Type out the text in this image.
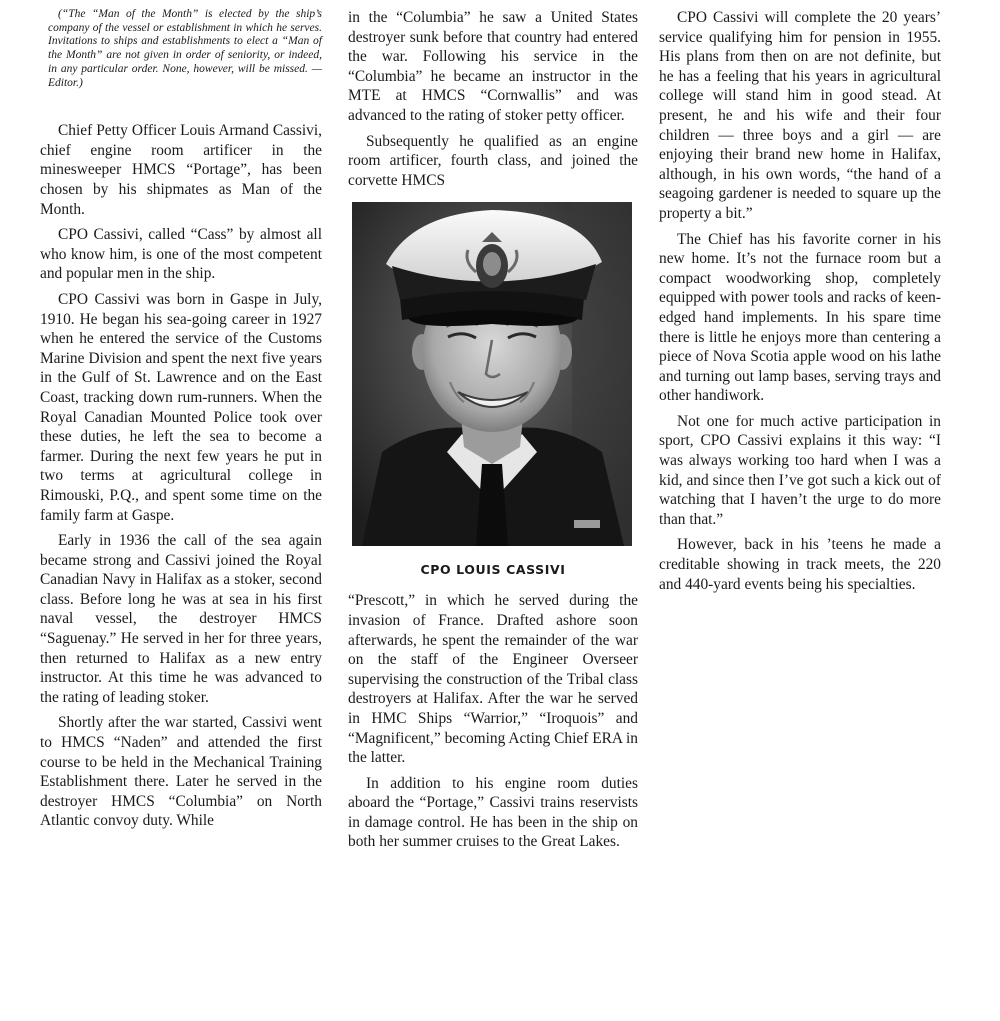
(“The “Man of the Month” is elected by the ship’s company of the vessel or establishment in which he serves. Invitations to ships and establishments to elect a “Man of the Month” are not given in order of seniority, or indeed, in any particular order. None, however, will be missed. — Editor.)

Chief Petty Officer Louis Armand Cassivi, chief engine room artificer in the minesweeper HMCS “Portage”, has been chosen by his shipmates as Man of the Month.

CPO Cassivi, called “Cass” by almost all who know him, is one of the most competent and popular men in the ship.

CPO Cassivi was born in Gaspe in July, 1910. He began his sea-going career in 1927 when he entered the service of the Customs Marine Division and spent the next five years in the Gulf of St. Lawrence and on the East Coast, tracking down rum-runners. When the Royal Canadian Mounted Police took over these duties, he left the sea to become a farmer. During the next few years he put in two terms at agricultural college in Rimouski, P.Q., and spent some time on the family farm at Gaspe.

Early in 1936 the call of the sea again became strong and Cassivi joined the Royal Canadian Navy in Halifax as a stoker, second class. Before long he was at sea in his first naval vessel, the destroyer HMCS “Saguenay.” He served in her for three years, then returned to Halifax as a new entry instructor. At this time he was advanced to the rating of leading stoker.

Shortly after the war started, Cassivi went to HMCS “Naden” and attended the first course to be held in the Mechanical Training Establishment there. Later he served in the destroyer HMCS “Columbia” on North Atlantic convoy duty. While

in the “Columbia” he saw a United States destroyer sunk before that country had entered the war. Following his service in the “Columbia” he became an instructor in the MTE at HMCS “Cornwallis” and was advanced to the rating of stoker petty officer.

Subsequently he qualified as an engine room artificer, fourth class, and joined the corvette HMCS

CPO LOUIS CASSIVI

“Prescott,” in which he served during the invasion of France. Drafted ashore soon afterwards, he spent the remainder of the war on the staff of the Engineer Overseer supervising the construction of the Tribal class destroyers at Halifax. After the war he served in HMC Ships “Warrior,” “Iroquois” and “Magnificent,” becoming Acting Chief ERA in the latter.

In addition to his engine room duties aboard the “Portage,” Cassivi trains reservists in damage control. He has been in the ship on both her summer cruises to the Great Lakes.

CPO Cassivi will complete the 20 years’ service qualifying him for pension in 1955. His plans from then on are not definite, but he has a feeling that his years in agricultural college will stand him in good stead. At present, he and his wife and their four children — three boys and a girl — are enjoying their brand new home in Halifax, although, in his own words, “the hand of a seagoing gardener is needed to square up the property a bit.”

The Chief has his favorite corner in his new home. It’s not the furnace room but a compact woodworking shop, completely equipped with power tools and racks of keen-edged hand implements. In his spare time there is little he enjoys more than centering a piece of Nova Scotia apple wood on his lathe and turning out lamp bases, serving trays and other handiwork.

Not one for much active participation in sport, CPO Cassivi explains it this way: “I was always working too hard when I was a kid, and since then I’ve got such a kick out of watching that I haven’t the urge to do more than that.”

However, back in his ’teens he made a creditable showing in track meets, the 220 and 440-yard events being his specialties.
